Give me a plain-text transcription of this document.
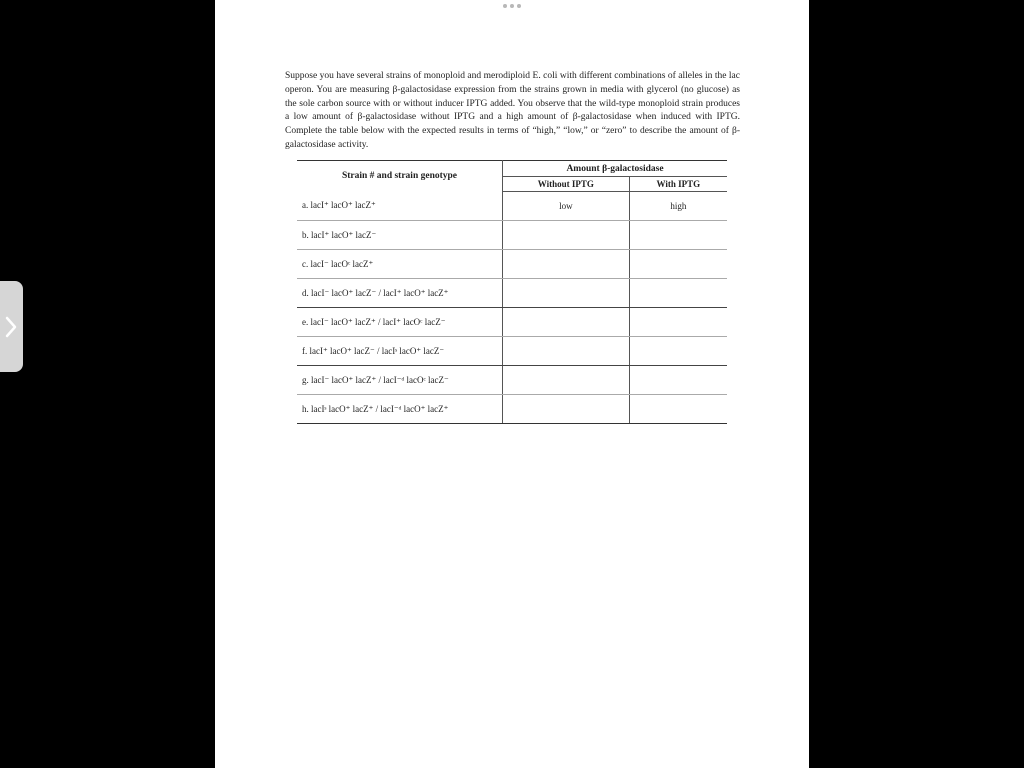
Suppose you have several strains of monoploid and merodiploid E. coli with different combinations of alleles in the lac operon. You are measuring β-galactosidase expression from the strains grown in media with glycerol (no glucose) as the sole carbon source with or without inducer IPTG added. You observe that the wild-type monoploid strain produces a low amount of β-galactosidase without IPTG and a high amount of β-galactosidase when induced with IPTG. Complete the table below with the expected results in terms of “high,” “low,” or “zero” to describe the amount of β-galactosidase activity.

Strain # and strain genotype	Amount β-galactosidase	
	Without IPTG	With IPTG
a. lacI⁺ lacO⁺ lacZ⁺	low	high
b. lacI⁺ lacO⁺ lacZ⁻		
c. lacI⁻ lacOᶜ lacZ⁺		
d. lacI⁻ lacO⁺ lacZ⁻ / lacI⁺ lacO⁺ lacZ⁺		
e. lacI⁻ lacO⁺ lacZ⁺ / lacI⁺ lacOᶜ lacZ⁻		
f. lacI⁺ lacO⁺ lacZ⁻ / lacIˢ lacO⁺ lacZ⁻		
g. lacI⁻ lacO⁺ lacZ⁺ / lacI⁻ᵈ lacOᶜ lacZ⁻		
h. lacIˢ lacO⁺ lacZ⁺ / lacI⁻ᵈ lacO⁺ lacZ⁺		
